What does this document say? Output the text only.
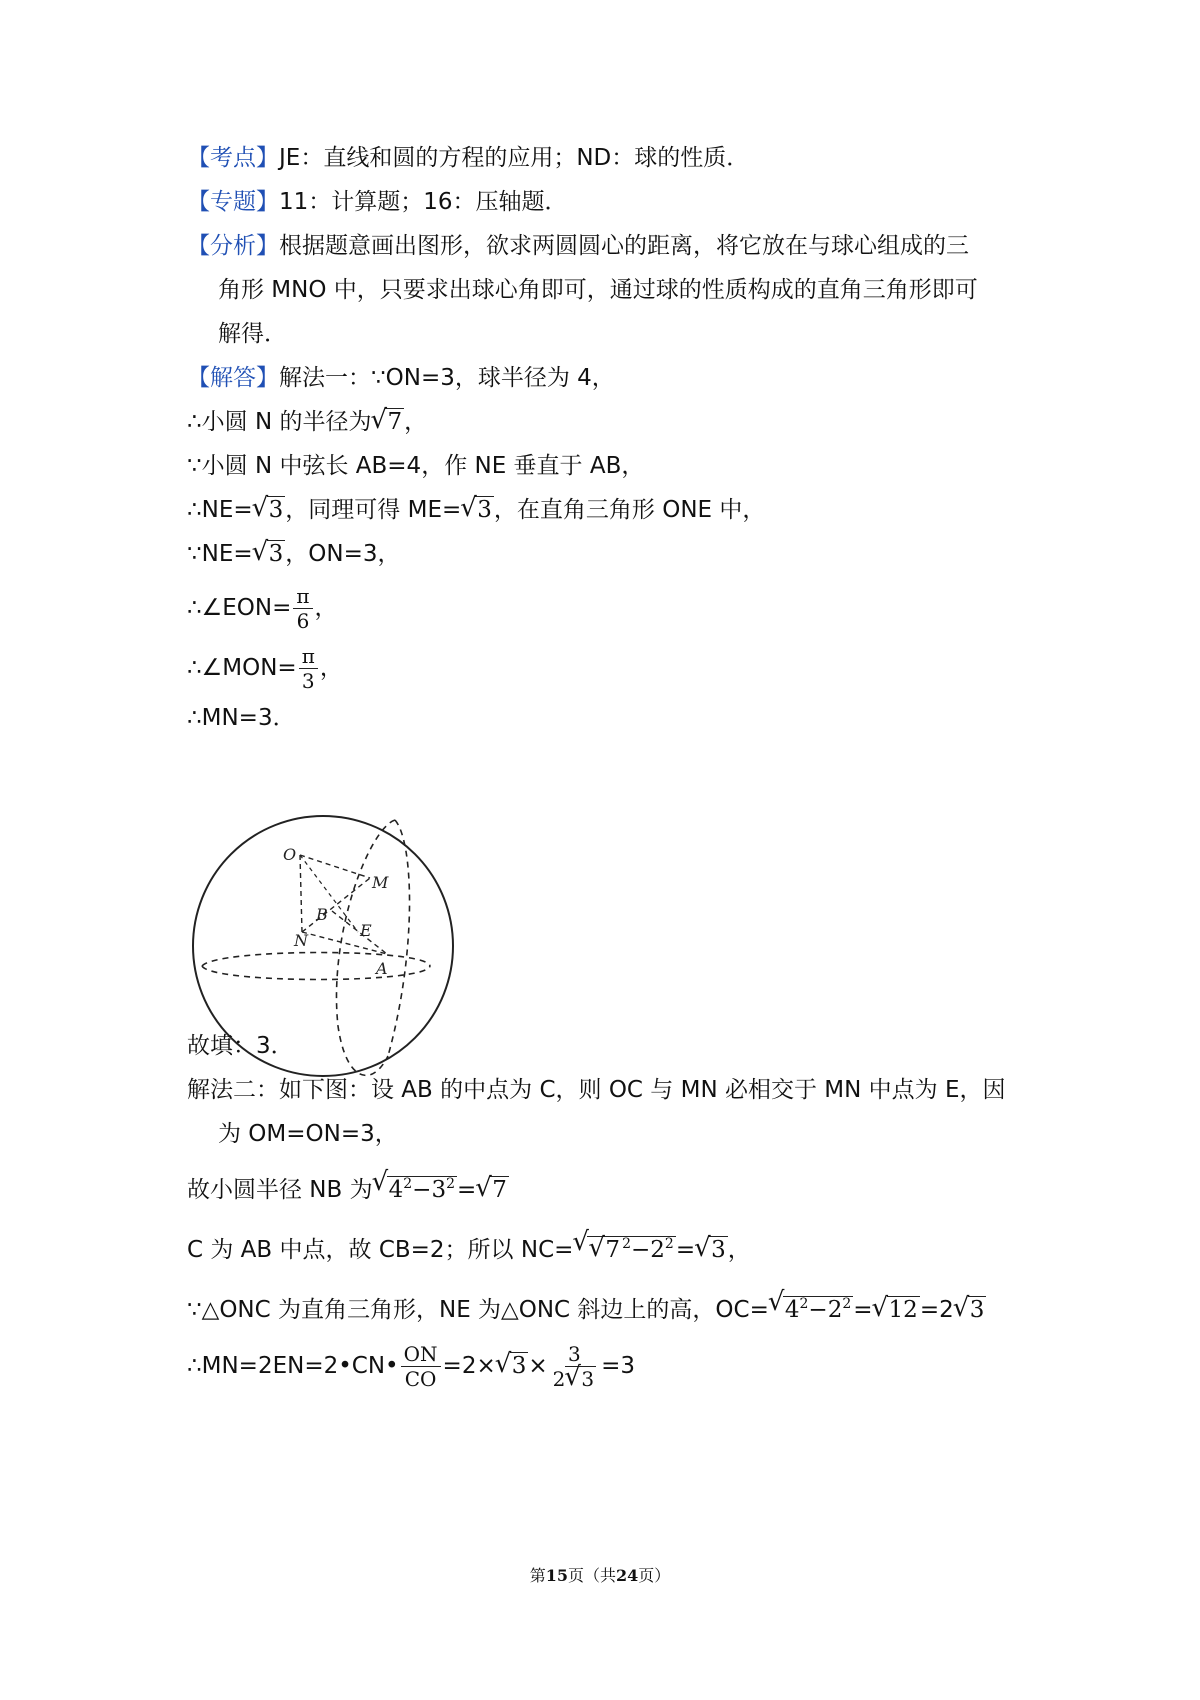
【考点】JE：直线和圆的方程的应用；ND：球的性质．
【专题】11：计算题；16：压轴题．
【分析】根据题意画出图形，欲求两圆圆心的距离，将它放在与球心组成的三
角形 MNO 中，只要求出球心角即可，通过球的性质构成的直角三角形即可
解得．
【解答】解法一：∵ON=3，球半径为 4，
∴小圆 N 的半径为√ 7，
∵小圆 N 中弦长 AB=4，作 NE 垂直于 AB，
∴NE=√ 3，同理可得 ME=√ 3，在直角三角形 ONE 中，
∵NE=√ 3，ON=3，
∴∠EON= $\frac{\pi}{6}$ ，
∴∠MON= $\frac{\pi}{3}$ ，
∴MN=3．
O
M
B
E
N
A
故填：3．
解法二：如下图：设 AB 的中点为 C，则 OC 与 MN 必相交于 MN 中点为 E，因
为 OM=ON=3，
故小圆半径 NB 为√ $4^2-3^2=√$ 7
C 为 AB 中点，故 CB=2；所以 NC=√ √ 7 $^2-2^2=√$ 3，
∵△ONC 为直角三角形，NE 为△ONC 斜边上的高，OC=√ $4^2-2^2=√$ 12=2√ 3
∴MN=2EN=2•CN• $\frac{ON}{CO} =2\times√$ $3\times \frac{3}{2√ 3} =3$
第15页（共24页）
